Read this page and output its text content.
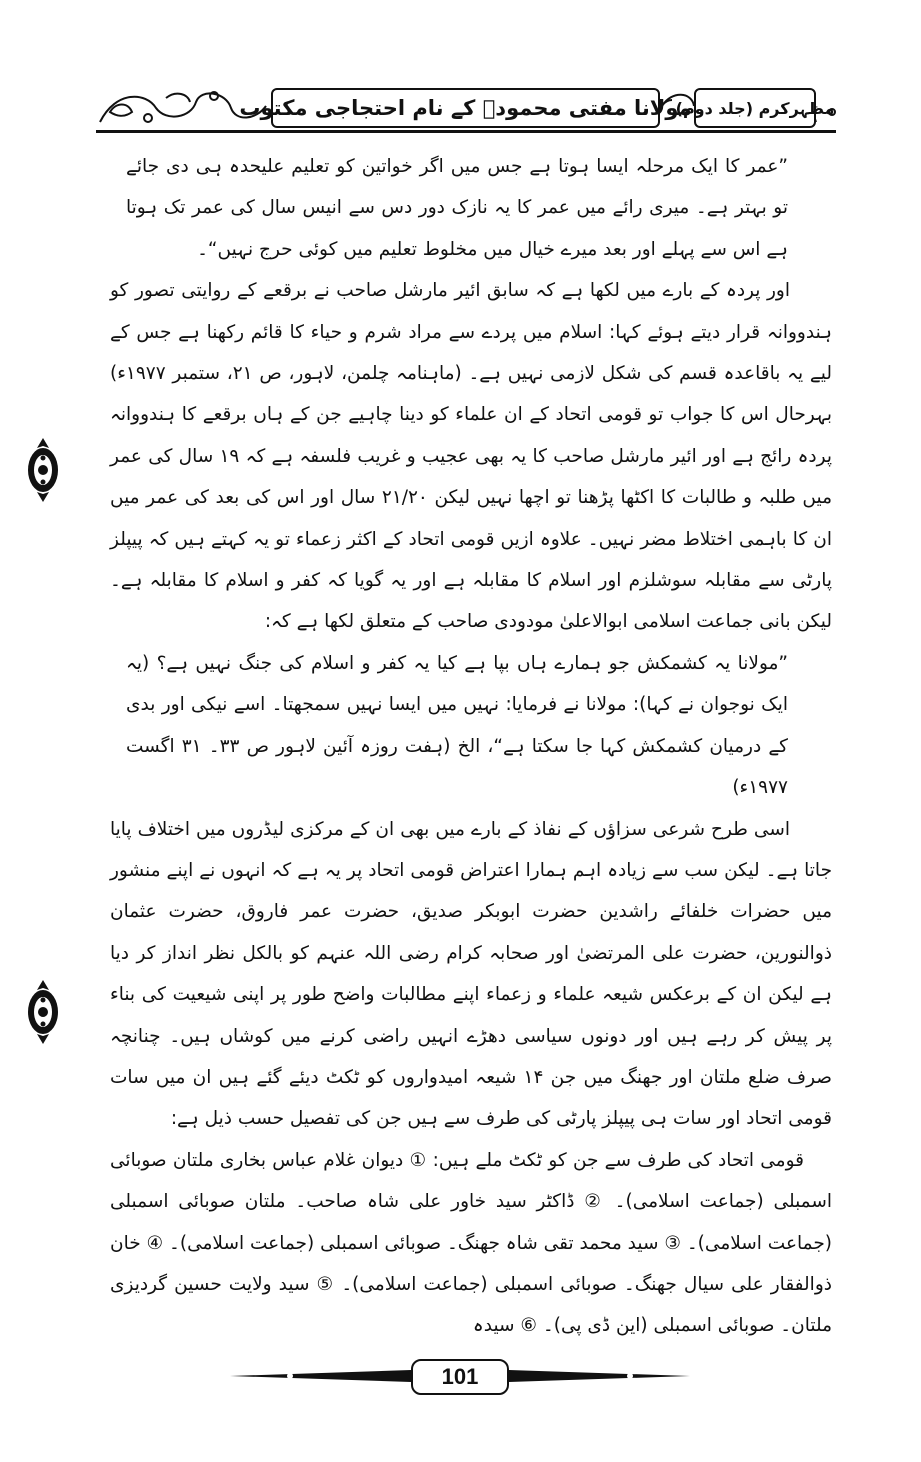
مولانا مفتی محمودؒ کے نام احتجاجی مکتوب
مظہرکرم (جلد دوم)

”عمر کا ایک مرحلہ ایسا ہوتا ہے جس میں اگر خواتین کو تعلیم علیحدہ ہی دی جائے تو بہتر ہے۔ میری رائے میں عمر کا یہ نازک دور دس سے انیس سال کی عمر تک ہوتا ہے اس سے پہلے اور بعد میرے خیال میں مخلوط تعلیم میں کوئی حرج نہیں“۔

اور پردہ کے بارے میں لکھا ہے کہ سابق ائیر مارشل صاحب نے برقعے کے روایتی تصور کو ہندووانہ قرار دیتے ہوئے کہا: اسلام میں پردے سے مراد شرم و حیاء کا قائم رکھنا ہے جس کے لیے یہ باقاعدہ قسم کی شکل لازمی نہیں ہے۔ (ماہنامہ چلمن، لاہور، ص ۲۱، ستمبر ۱۹۷۷ء) بہرحال اس کا جواب تو قومی اتحاد کے ان علماء کو دینا چاہیے جن کے ہاں برقعے کا ہندووانہ پردہ رائج ہے اور ائیر مارشل صاحب کا یہ بھی عجیب و غریب فلسفہ ہے کہ ۱۹ سال کی عمر میں طلبہ و طالبات کا اکٹھا پڑھنا تو اچھا نہیں لیکن ۲۱/۲۰ سال اور اس کی بعد کی عمر میں ان کا باہمی اختلاط مضر نہیں۔ علاوہ ازیں قومی اتحاد کے اکثر زعماء تو یہ کہتے ہیں کہ پیپلز پارٹی سے مقابلہ سوشلزم اور اسلام کا مقابلہ ہے اور یہ گویا کہ کفر و اسلام کا مقابلہ ہے۔ لیکن بانی جماعت اسلامی ابوالاعلیٰ مودودی صاحب کے متعلق لکھا ہے کہ:

”مولانا یہ کشمکش جو ہمارے ہاں بپا ہے کیا یہ کفر و اسلام کی جنگ نہیں ہے؟ (یہ ایک نوجوان نے کہا): مولانا نے فرمایا: نہیں میں ایسا نہیں سمجھتا۔ اسے نیکی اور بدی کے درمیان کشمکش کہا جا سکتا ہے“، الخ (ہفت روزہ آئین لاہور ص ۳۳۔ ۳۱ اگست ۱۹۷۷ء)

اسی طرح شرعی سزاؤں کے نفاذ کے بارے میں بھی ان کے مرکزی لیڈروں میں اختلاف پایا جاتا ہے۔ لیکن سب سے زیادہ اہم ہمارا اعتراض قومی اتحاد پر یہ ہے کہ انہوں نے اپنے منشور میں حضرات خلفائے راشدین حضرت ابوبکر صدیق، حضرت عمر فاروق، حضرت عثمان ذوالنورین، حضرت علی المرتضیٰ اور صحابہ کرام رضی اللہ عنہم کو بالکل نظر انداز کر دیا ہے لیکن ان کے برعکس شیعہ علماء و زعماء اپنے مطالبات واضح طور پر اپنی شیعیت کی بناء پر پیش کر رہے ہیں اور دونوں سیاسی دھڑے انہیں راضی کرنے میں کوشاں ہیں۔ چنانچہ صرف ضلع ملتان اور جھنگ میں جن ۱۴ شیعہ امیدواروں کو ٹکٹ دیئے گئے ہیں ان میں سات قومی اتحاد اور سات ہی پیپلز پارٹی کی طرف سے ہیں جن کی تفصیل حسب ذیل ہے:

قومی اتحاد کی طرف سے جن کو ٹکٹ ملے ہیں: ① دیوان غلام عباس بخاری ملتان صوبائی اسمبلی (جماعت اسلامی)۔ ② ڈاکٹر سید خاور علی شاہ صاحب۔ ملتان صوبائی اسمبلی (جماعت اسلامی)۔ ③ سید محمد تقی شاہ جھنگ۔ صوبائی اسمبلی (جماعت اسلامی)۔ ④ خان ذوالفقار علی سیال جھنگ۔ صوبائی اسمبلی (جماعت اسلامی)۔ ⑤ سید ولایت حسین گردیزی ملتان۔ صوبائی اسمبلی (این ڈی پی)۔ ⑥ سیدہ

101
